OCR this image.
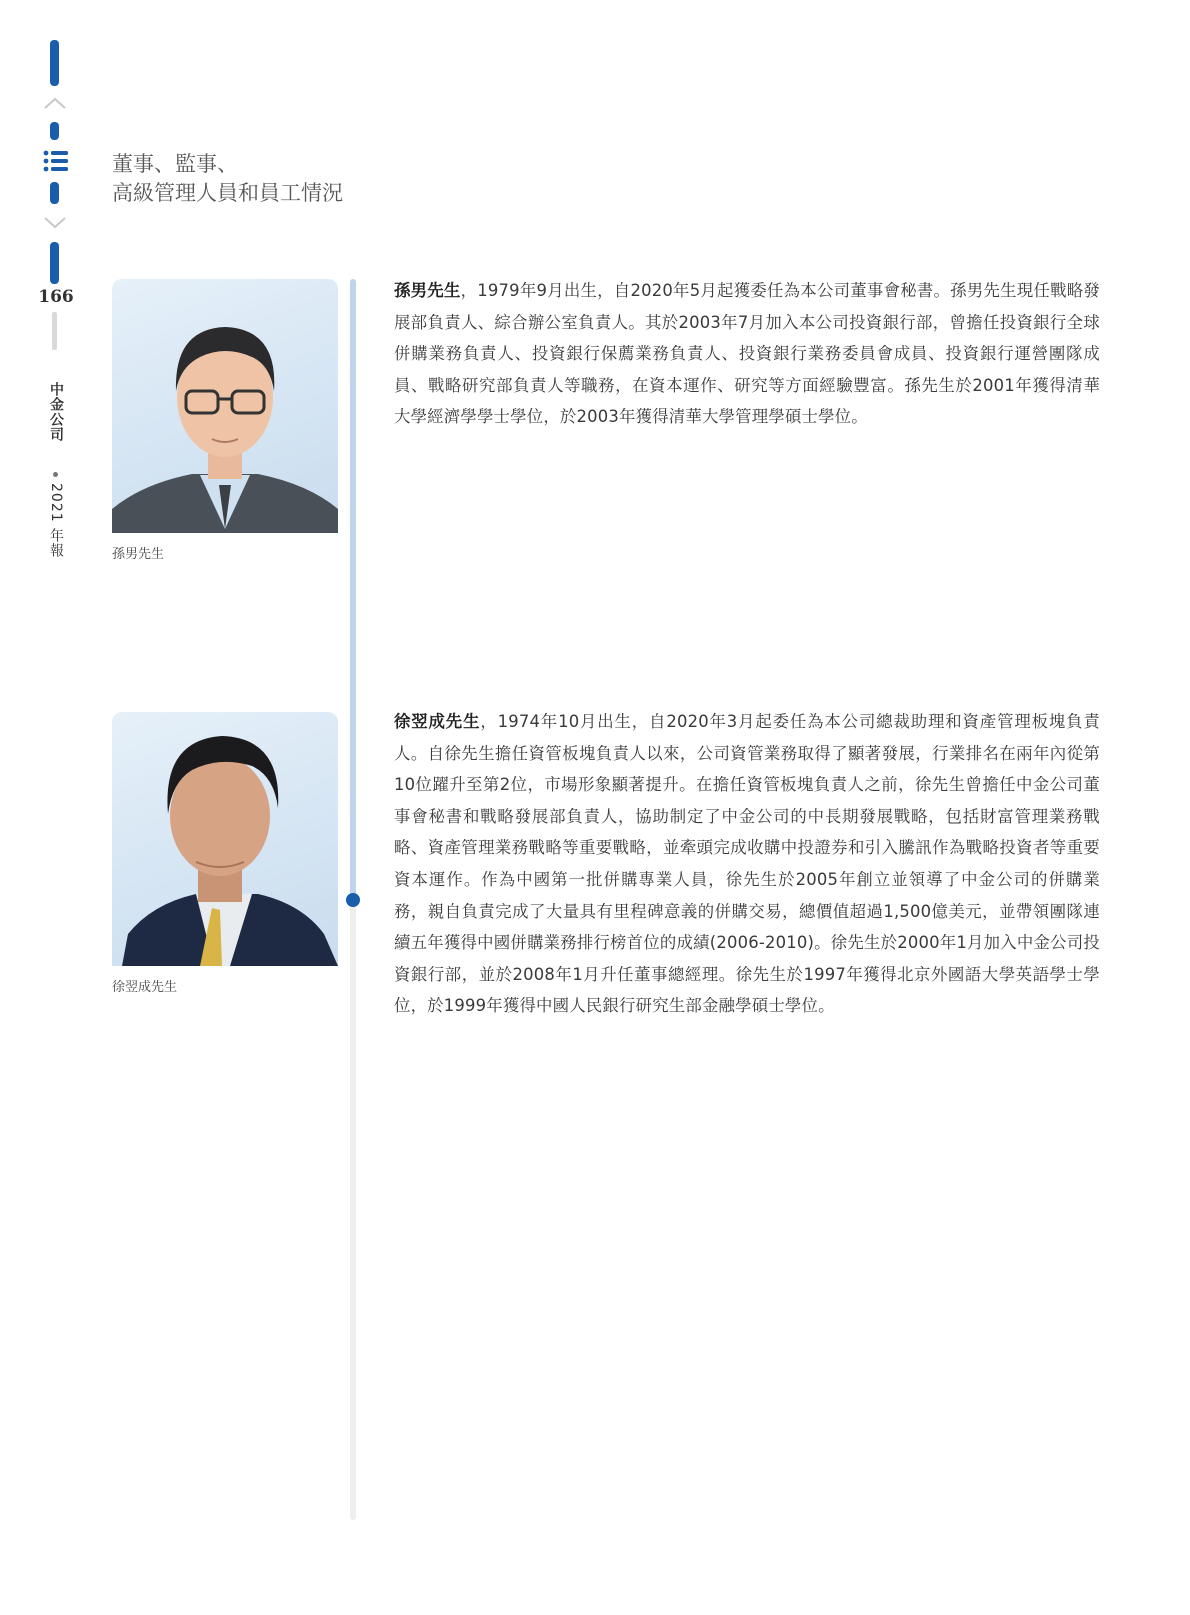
166
中金公司
2021 年報
董事、監事、
高級管理人員和員工情況
孫男先生
孫男先生，1979年9月出生，自2020年5月起獲委任為本公司董事會秘書。孫男先生現任戰略發展部負責人、綜合辦公室負責人。其於2003年7月加入本公司投資銀行部，曾擔任投資銀行全球併購業務負責人、投資銀行保薦業務負責人、投資銀行業務委員會成員、投資銀行運營團隊成員、戰略研究部負責人等職務，在資本運作、研究等方面經驗豐富。孫先生於2001年獲得清華大學經濟學學士學位，於2003年獲得清華大學管理學碩士學位。
徐翌成先生
徐翌成先生，1974年10月出生，自2020年3月起委任為本公司總裁助理和資產管理板塊負責人。自徐先生擔任資管板塊負責人以來，公司資管業務取得了顯著發展，行業排名在兩年內從第10位躍升至第2位，市場形象顯著提升。在擔任資管板塊負責人之前，徐先生曾擔任中金公司董事會秘書和戰略發展部負責人，協助制定了中金公司的中長期發展戰略，包括財富管理業務戰略、資產管理業務戰略等重要戰略，並牽頭完成收購中投證券和引入騰訊作為戰略投資者等重要資本運作。作為中國第一批併購專業人員，徐先生於2005年創立並領導了中金公司的併購業務，親自負責完成了大量具有里程碑意義的併購交易，總價值超過1,500億美元，並帶領團隊連續五年獲得中國併購業務排行榜首位的成績(2006-2010)。徐先生於2000年1月加入中金公司投資銀行部，並於2008年1月升任董事總經理。徐先生於1997年獲得北京外國語大學英語學士學位，於1999年獲得中國人民銀行研究生部金融學碩士學位。
